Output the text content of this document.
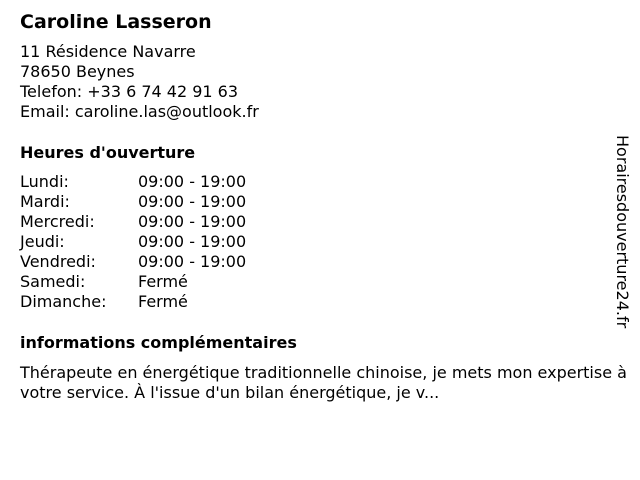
Caroline Lasseron
11 Résidence Navarre
78650 Beynes
Telefon: +33 6 74 42 91 63
Email: caroline.las@outlook.fr
Heures d'ouverture
Lundi:	09:00 - 19:00
Mardi:	09:00 - 19:00
Mercredi:	09:00 - 19:00
Jeudi:	09:00 - 19:00
Vendredi:	09:00 - 19:00
Samedi:	Fermé
Dimanche:	Fermé
informations complémentaires
Thérapeute en énergétique traditionnelle chinoise, je mets mon expertise à votre service. À l'issue d'un bilan énergétique, je v...
Horairesdouverture24.fr
